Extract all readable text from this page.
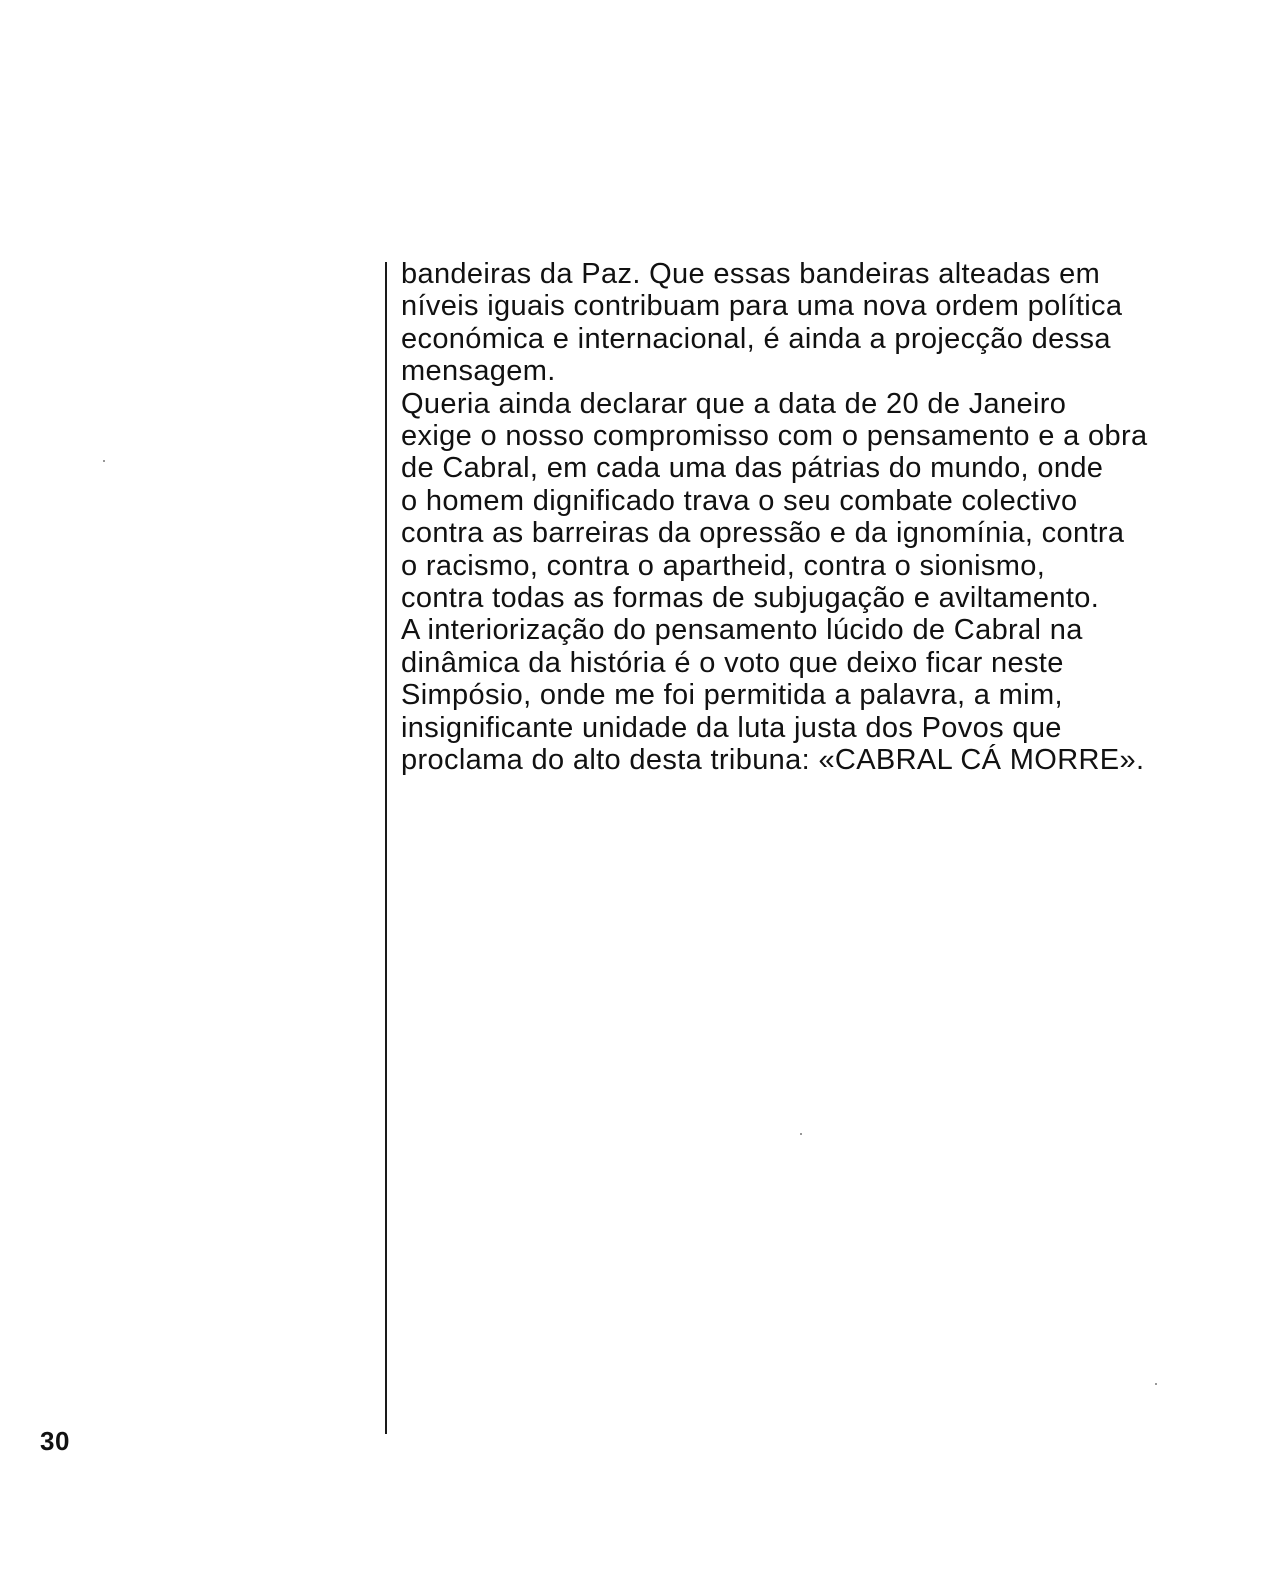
bandeiras da Paz. Que essas bandeiras alteadas em
níveis iguais contribuam para uma nova ordem política
económica e internacional, é ainda a projecção dessa
mensagem.
Queria ainda declarar que a data de 20 de Janeiro
exige o nosso compromisso com o pensamento e a obra
de Cabral, em cada uma das pátrias do mundo, onde
o homem dignificado trava o seu combate colectivo
contra as barreiras da opressão e da ignomínia, contra
o racismo, contra o apartheid, contra o sionismo,
contra todas as formas de subjugação e aviltamento.
A interiorização do pensamento lúcido de Cabral na
dinâmica da história é o voto que deixo ficar neste
Simpósio, onde me foi permitida a palavra, a mim,
insignificante unidade da luta justa dos Povos que
proclama do alto desta tribuna: «CABRAL CÁ MORRE».
30
